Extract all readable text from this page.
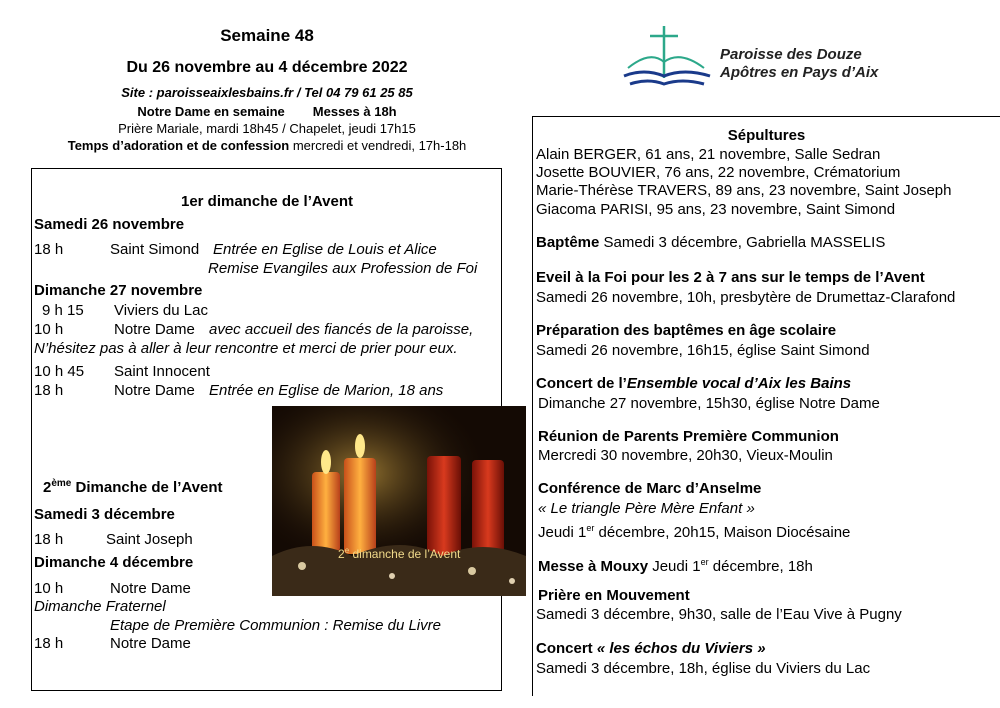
Semaine 48
Du 26 novembre au 4 décembre 2022
Site : paroisseaixlesbains.fr / Tel 04 79 61 25 85
Notre Dame en semaine Messes à 18h
Prière Mariale, mardi 18h45 / Chapelet, jeudi 17h15
Temps d’adoration et de confession mercredi et vendredi, 17h-18h
Paroisse des Douze
Apôtres en Pays d’Aix
1er dimanche de l’Avent
Samedi 26 novembre
18 h	Saint Simond Entrée en Eglise de Louis et Alice
Remise Evangiles aux Profession de Foi
Dimanche 27 novembre
9 h 15 Viviers du Lac
10 h	Notre Dame avec accueil des fiancés de la paroisse,
N’hésitez pas à aller à leur rencontre et merci de prier pour eux.
10 h 45 Saint Innocent
18 h	Notre Dame Entrée en Eglise de Marion, 18 ans
2ème Dimanche de l’Avent
Samedi 3 décembre
18 h	Saint Joseph
Dimanche 4 décembre
10 h	Notre Dame
Dimanche Fraternel
Etape de Première Communion : Remise du Livre
18 h	Notre Dame
2e dimanche de l’Avent
Sépultures
Alain BERGER, 61 ans, 21 novembre, Salle Sedran
Josette BOUVIER, 76 ans, 22 novembre, Crématorium
Marie-Thérèse TRAVERS, 89 ans, 23 novembre, Saint Joseph
Giacoma PARISI, 95 ans, 23 novembre, Saint Simond
Baptême Samedi 3 décembre, Gabriella MASSELIS
Eveil à la Foi pour les 2 à 7 ans sur le temps de l’Avent
Samedi 26 novembre, 10h, presbytère de Drumettaz-Clarafond
Préparation des baptêmes en âge scolaire
Samedi 26 novembre, 16h15, église Saint Simond
Concert de l’Ensemble vocal d’Aix les Bains
Dimanche 27 novembre, 15h30, église Notre Dame
Réunion de Parents Première Communion
Mercredi 30 novembre, 20h30, Vieux-Moulin
Conférence de Marc d’Anselme
« Le triangle Père Mère Enfant »
Jeudi 1er décembre, 20h15, Maison Diocésaine
Messe à Mouxy Jeudi 1er décembre, 18h
Prière en Mouvement
Samedi 3 décembre, 9h30, salle de l’Eau Vive à Pugny
Concert « les échos du Viviers »
Samedi 3 décembre, 18h, église du Viviers du Lac
